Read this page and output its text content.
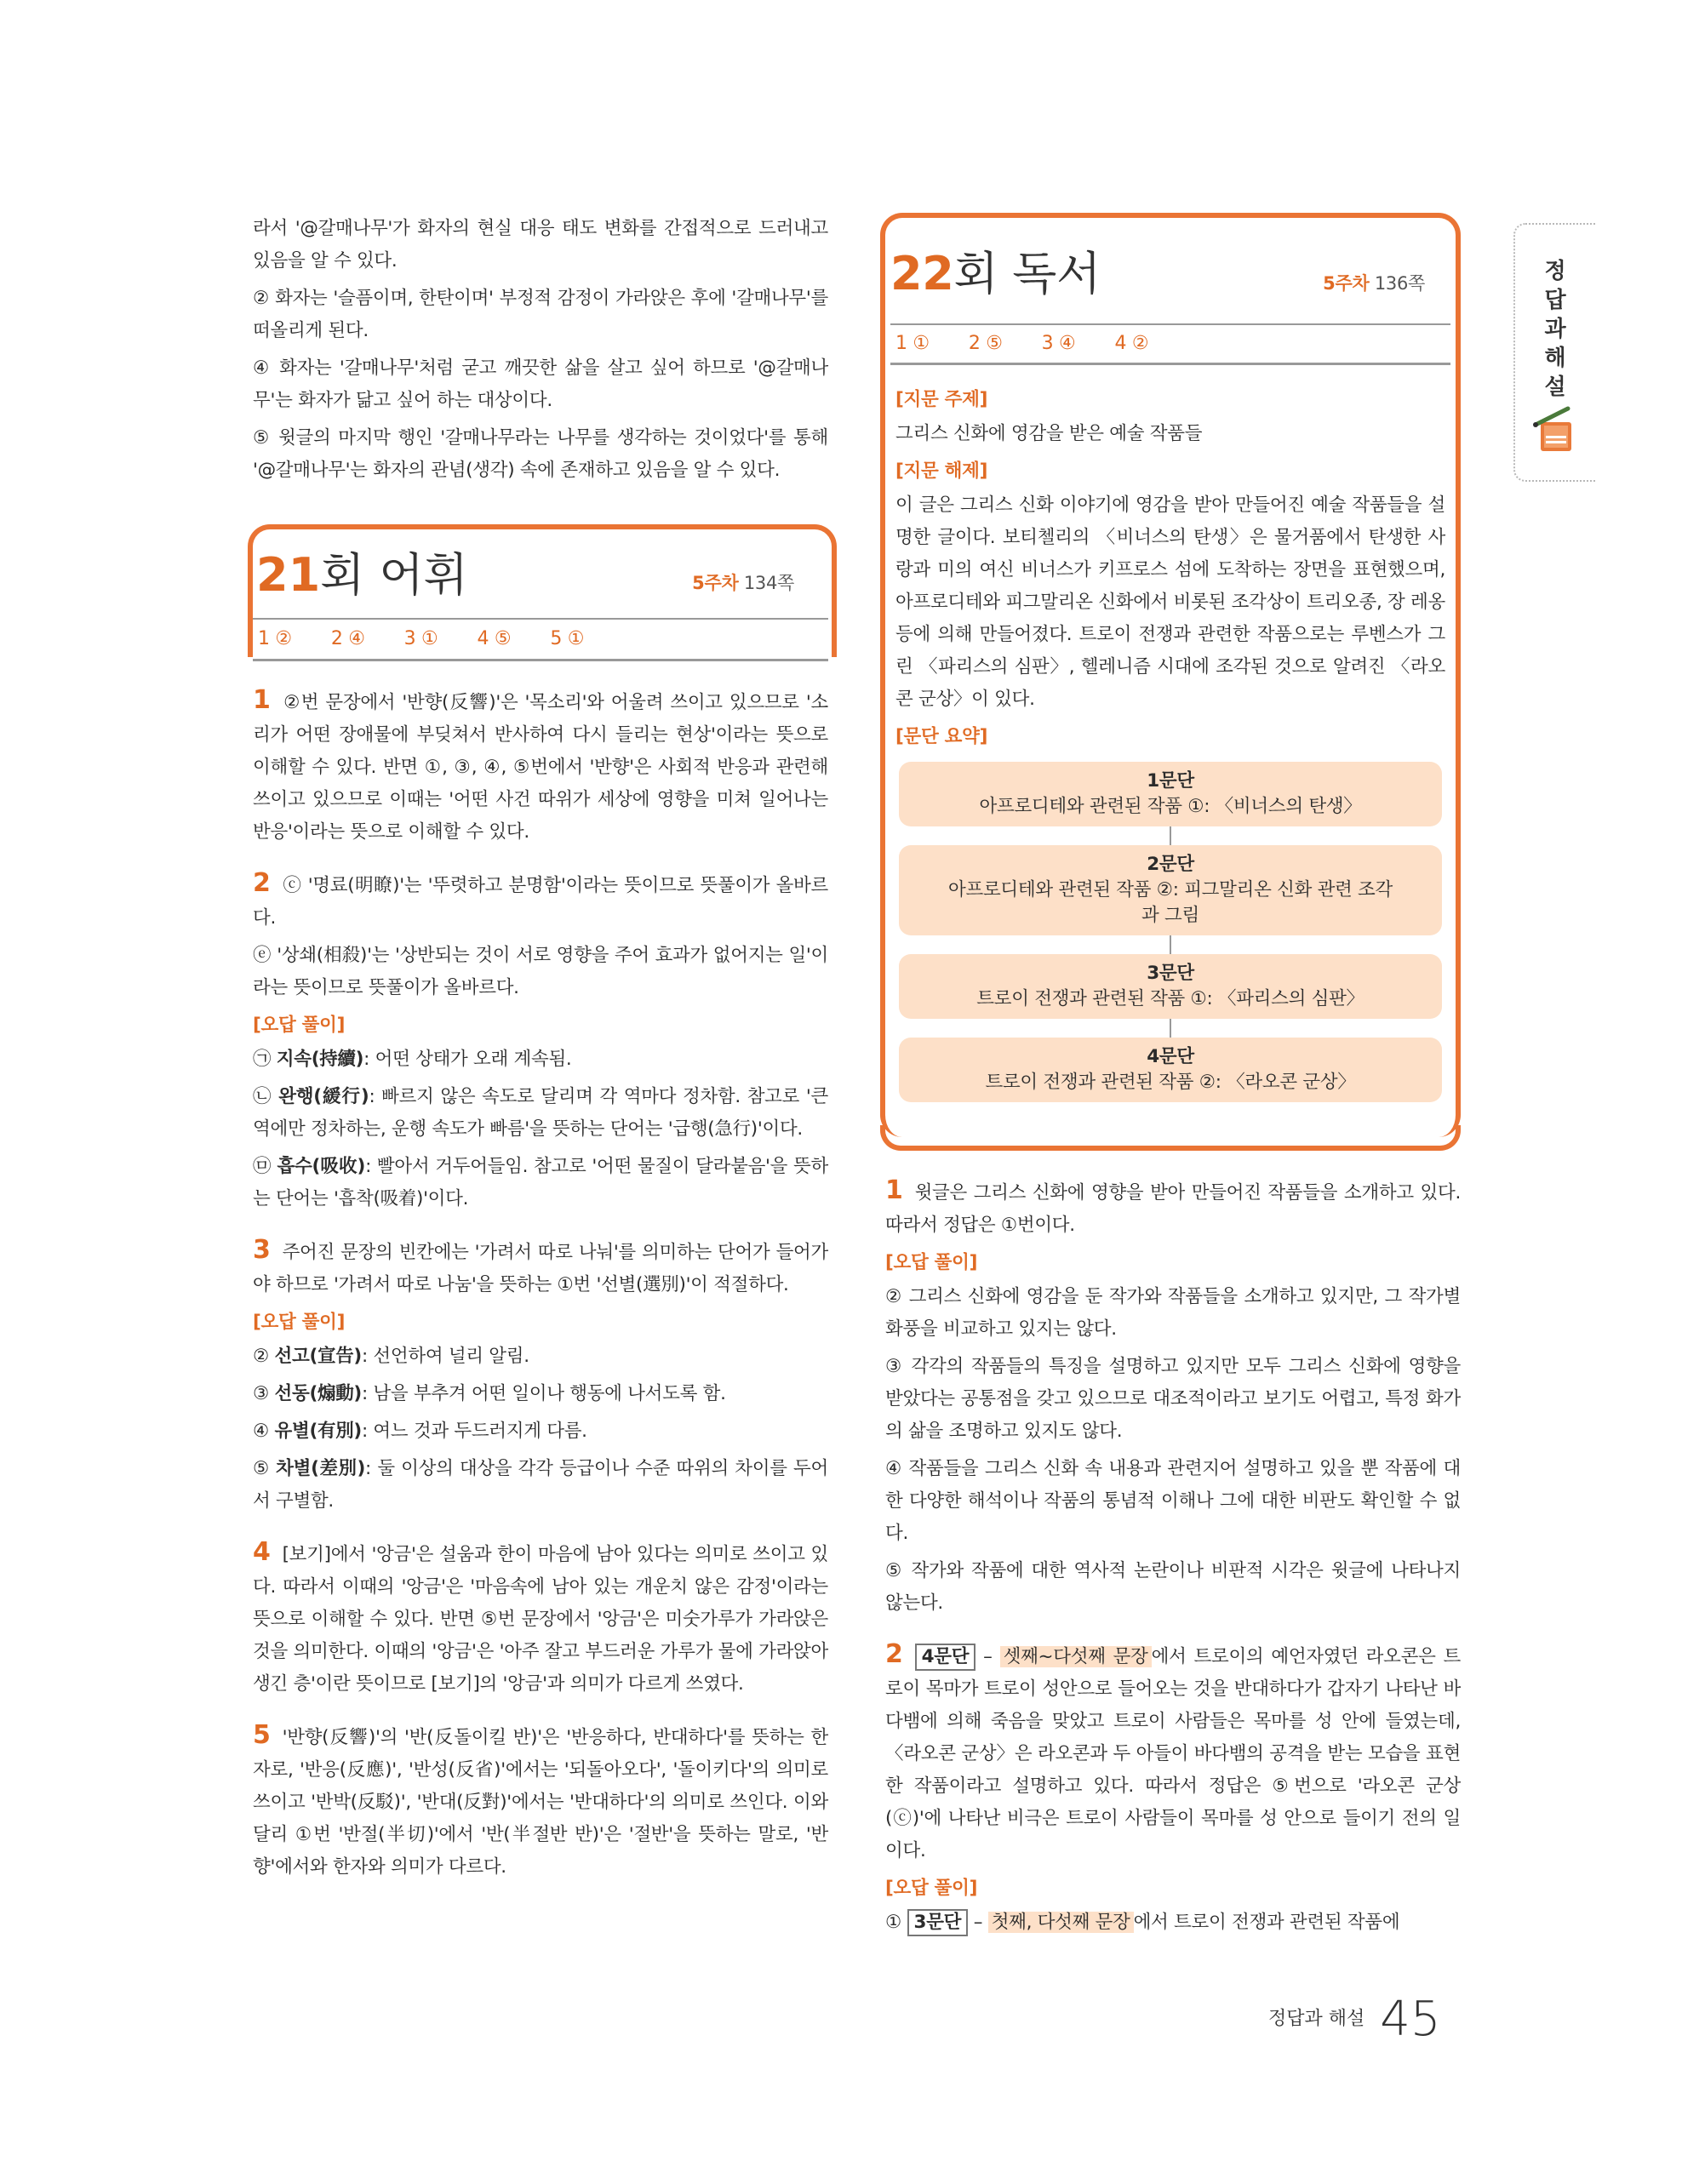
라서 '@갈매나무'가 화자의 현실 대응 태도 변화를 간접적으로 드러내고 있음을 알 수 있다.

② 화자는 '슬픔이며, 한탄이며' 부정적 감정이 가라앉은 후에 '갈매나무'를 떠올리게 된다.

④ 화자는 '갈매나무'처럼 굳고 깨끗한 삶을 살고 싶어 하므로 '@갈매나무'는 화자가 닮고 싶어 하는 대상이다.

⑤ 윗글의 마지막 행인 '갈매나무라는 나무를 생각하는 것이었다'를 통해 '@갈매나무'는 화자의 관념(생각) 속에 존재하고 있음을 알 수 있다.

21회 어휘	5주차 134쪽
1 ② 2 ④ 3 ① 4 ⑤ 5 ①

1 ②번 문장에서 '반향(反響)'은 '목소리'와 어울려 쓰이고 있으므로 '소리가 어떤 장애물에 부딪쳐서 반사하여 다시 들리는 현상'이라는 뜻으로 이해할 수 있다. 반면 ①, ③, ④, ⑤번에서 '반향'은 사회적 반응과 관련해 쓰이고 있으므로 이때는 '어떤 사건 따위가 세상에 영향을 미쳐 일어나는 반응'이라는 뜻으로 이해할 수 있다.

2 ⓒ '명료(明瞭)'는 '뚜렷하고 분명함'이라는 뜻이므로 뜻풀이가 올바르다.

ⓔ '상쇄(相殺)'는 '상반되는 것이 서로 영향을 주어 효과가 없어지는 일'이라는 뜻이므로 뜻풀이가 올바르다.

[오답 풀이]

㉠ 지속(持續): 어떤 상태가 오래 계속됨.

㉡ 완행(緩行): 빠르지 않은 속도로 달리며 각 역마다 정차함. 참고로 '큰 역에만 정차하는, 운행 속도가 빠름'을 뜻하는 단어는 '급행(急行)'이다.

㉤ 흡수(吸收): 빨아서 거두어들임. 참고로 '어떤 물질이 달라붙음'을 뜻하는 단어는 '흡착(吸着)'이다.

3 주어진 문장의 빈칸에는 '가려서 따로 나눠'를 의미하는 단어가 들어가야 하므로 '가려서 따로 나눔'을 뜻하는 ①번 '선별(選別)'이 적절하다.

[오답 풀이]

② 선고(宣告): 선언하여 널리 알림.

③ 선동(煽動): 남을 부추겨 어떤 일이나 행동에 나서도록 함.

④ 유별(有別): 여느 것과 두드러지게 다름.

⑤ 차별(差別): 둘 이상의 대상을 각각 등급이나 수준 따위의 차이를 두어서 구별함.

4 [보기]에서 '앙금'은 설움과 한이 마음에 남아 있다는 의미로 쓰이고 있다. 따라서 이때의 '앙금'은 '마음속에 남아 있는 개운치 않은 감정'이라는 뜻으로 이해할 수 있다. 반면 ⑤번 문장에서 '앙금'은 미숫가루가 가라앉은 것을 의미한다. 이때의 '앙금'은 '아주 잘고 부드러운 가루가 물에 가라앉아 생긴 층'이란 뜻이므로 [보기]의 '앙금'과 의미가 다르게 쓰였다.

5 '반향(反響)'의 '반(反돌이킬 반)'은 '반응하다, 반대하다'를 뜻하는 한자로, '반응(反應)', '반성(反省)'에서는 '되돌아오다', '돌이키다'의 의미로 쓰이고 '반박(反駁)', '반대(反對)'에서는 '반대하다'의 의미로 쓰인다. 이와 달리 ①번 '반절(半切)'에서 '반(半절반 반)'은 '절반'을 뜻하는 말로, '반향'에서와 한자와 의미가 다르다.

22회 독서	5주차 136쪽
1 ① 2 ⑤ 3 ④ 4 ②
[지문 주제]

그리스 신화에 영감을 받은 예술 작품들

[지문 해제]

이 글은 그리스 신화 이야기에 영감을 받아 만들어진 예술 작품들을 설명한 글이다. 보티첼리의 〈비너스의 탄생〉은 물거품에서 탄생한 사랑과 미의 여신 비너스가 키프로스 섬에 도착하는 장면을 표현했으며, 아프로디테와 피그말리온 신화에서 비롯된 조각상이 트리오종, 장 레옹 등에 의해 만들어졌다. 트로이 전쟁과 관련한 작품으로는 루벤스가 그린 〈파리스의 심판〉, 헬레니즘 시대에 조각된 것으로 알려진 〈라오콘 군상〉이 있다.

[문단 요약]
1문단
아프로디테와 관련된 작품 ①: 〈비너스의 탄생〉
2문단
아프로디테와 관련된 작품 ②: 피그말리온 신화 관련 조각과 그림
3문단
트로이 전쟁과 관련된 작품 ①: 〈파리스의 심판〉
4문단
트로이 전쟁과 관련된 작품 ②: 〈라오콘 군상〉

1 윗글은 그리스 신화에 영향을 받아 만들어진 작품들을 소개하고 있다. 따라서 정답은 ①번이다.

[오답 풀이]

② 그리스 신화에 영감을 둔 작가와 작품들을 소개하고 있지만, 그 작가별 화풍을 비교하고 있지는 않다.

③ 각각의 작품들의 특징을 설명하고 있지만 모두 그리스 신화에 영향을 받았다는 공통점을 갖고 있으므로 대조적이라고 보기도 어렵고, 특정 화가의 삶을 조명하고 있지도 않다.

④ 작품들을 그리스 신화 속 내용과 관련지어 설명하고 있을 뿐 작품에 대한 다양한 해석이나 작품의 통념적 이해나 그에 대한 비판도 확인할 수 없다.

⑤ 작가와 작품에 대한 역사적 논란이나 비판적 시각은 윗글에 나타나지 않는다.

2 4문단 – 셋째~다섯째 문장 에서 트로이의 예언자였던 라오콘은 트로이 목마가 트로이 성안으로 들어오는 것을 반대하다가 갑자기 나타난 바다뱀에 의해 죽음을 맞았고 트로이 사람들은 목마를 성 안에 들였는데, 〈라오콘 군상〉은 라오콘과 두 아들이 바다뱀의 공격을 받는 모습을 표현한 작품이라고 설명하고 있다. 따라서 정답은 ⑤번으로 '라오콘 군상(ⓒ)'에 나타난 비극은 트로이 사람들이 목마를 성 안으로 들이기 전의 일이다.

[오답 풀이]

① 3문단 – 첫째, 다섯째 문장 에서 트로이 전쟁과 관련된 작품에

정답과해설
정답과 해설 45
